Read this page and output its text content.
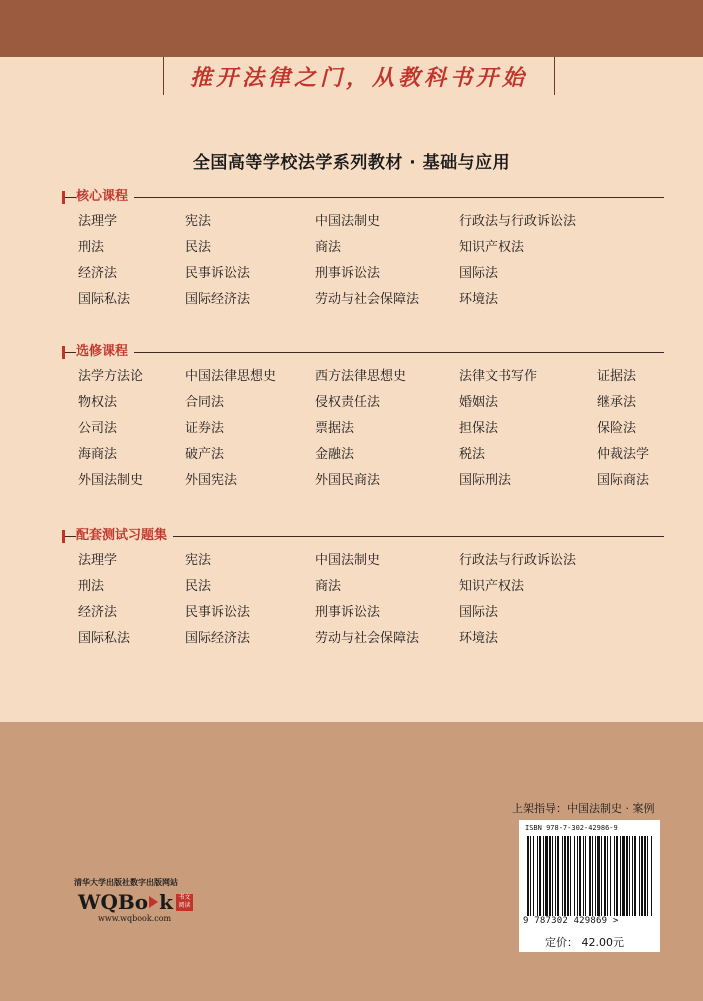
推开法律之门，从教科书开始
全国高等学校法学系列教材 · 基础与应用
核心课程
法理学	宪法	中国法制史	行政法与行政诉讼法
刑法	民法	商法	知识产权法
经济法	民事诉讼法	刑事诉讼法	国际法
国际私法	国际经济法	劳动与社会保障法	环境法
选修课程
法学方法论	中国法律思想史	西方法律思想史	法律文书写作	证据法
物权法	合同法	侵权责任法	婚姻法	继承法
公司法	证券法	票据法	担保法	保险法
海商法	破产法	金融法	税法	仲裁法学
外国法制史	外国宪法	外国民商法	国际刑法	国际商法
配套测试习题集
法理学	宪法	中国法制史	行政法与行政诉讼法
刑法	民法	商法	知识产权法
经济法	民事诉讼法	刑事诉讼法	国际法
国际私法	国际经济法	劳动与社会保障法	环境法
上架指导：中国法制史 · 案例
ISBN 978-7-302-42986-9
9 787302 429869 >
定价： 42.00元
清华大学出版社数字出版网站
WQBo k 书文阅读
www.wqbook.com
